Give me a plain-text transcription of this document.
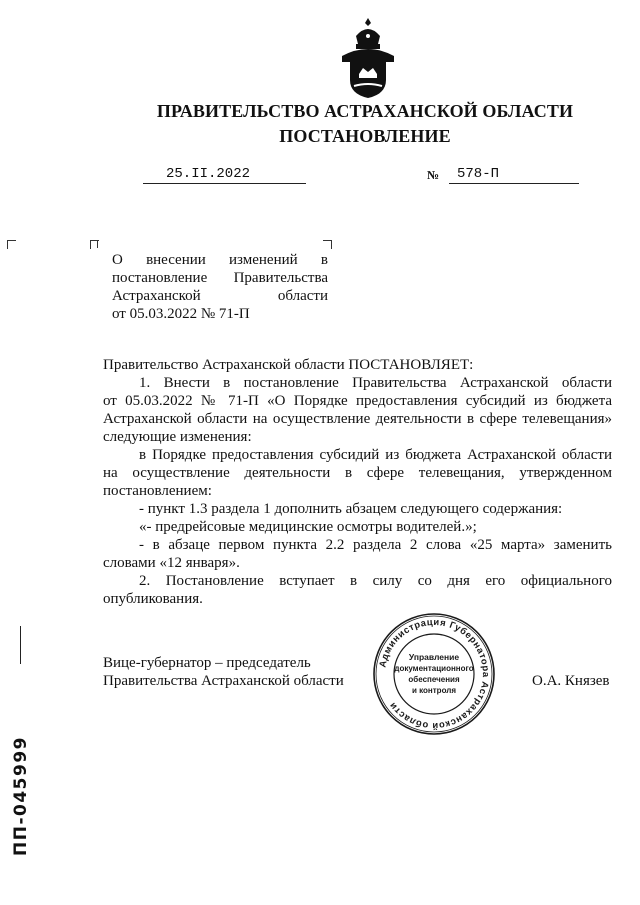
ПРАВИТЕЛЬСТВО АСТРАХАНСКОЙ ОБЛАСТИ
ПОСТАНОВЛЕНИЕ
25.II.2022	№ 578-П
О внесении изменений в
постановление Правительства
Астраханской	области
от 05.03.2022 № 71-П
Правительство Астраханской области ПОСТАНОВЛЯЕТ:
1. Внести в постановление Правительства Астраханской области
от 05.03.2022 № 71-П «О Порядке предоставления субсидий из бюджета
Астраханской области на осуществление деятельности в сфере телевещания»
следующие изменения:
в Порядке предоставления субсидий из бюджета Астраханской области
на осуществление деятельности в сфере телевещания, утвержденном
постановлением:
- пункт 1.3 раздела 1 дополнить абзацем следующего содержания:
«- предрейсовые медицинские осмотры водителей.»;
- в абзаце первом пункта 2.2 раздела 2 слова «25 марта» заменить
словами «12 января».
2. Постановление вступает в силу со дня его официального
опубликования.
Вице-губернатор – председатель
Правительства Астраханской области	О.А. Князев
Администрация Губернатора Астраханской области
Управление
документационного
обеспечения
и контроля
ПП-045999
